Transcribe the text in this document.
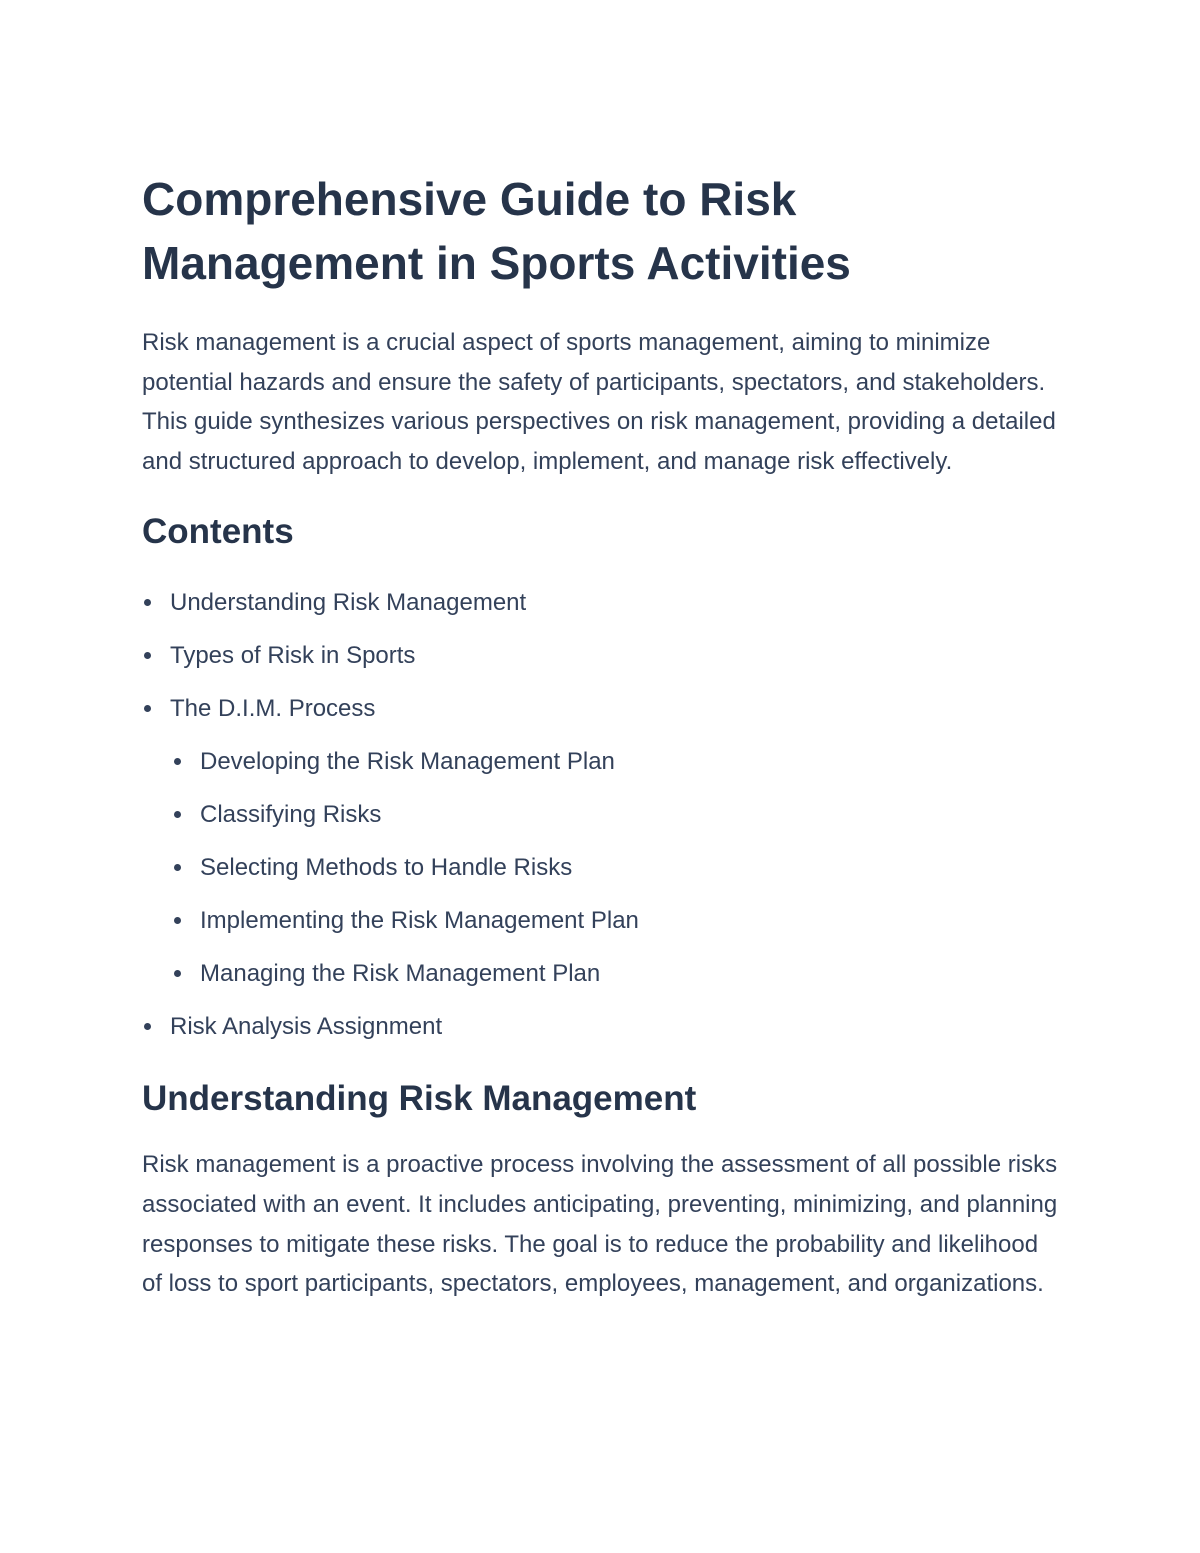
Comprehensive Guide to Risk Management in Sports Activities

Risk management is a crucial aspect of sports management, aiming to minimize potential hazards and ensure the safety of participants, spectators, and stakeholders. This guide synthesizes various perspectives on risk management, providing a detailed and structured approach to develop, implement, and manage risk effectively.

Contents
Understanding Risk Management
Types of Risk in Sports
The D.I.M. Process
Developing the Risk Management Plan
Classifying Risks
Selecting Methods to Handle Risks
Implementing the Risk Management Plan
Managing the Risk Management Plan
Risk Analysis Assignment
Understanding Risk Management

Risk management is a proactive process involving the assessment of all possible risks associated with an event. It includes anticipating, preventing, minimizing, and planning responses to mitigate these risks. The goal is to reduce the probability and likelihood of loss to sport participants, spectators, employees, management, and organizations.
